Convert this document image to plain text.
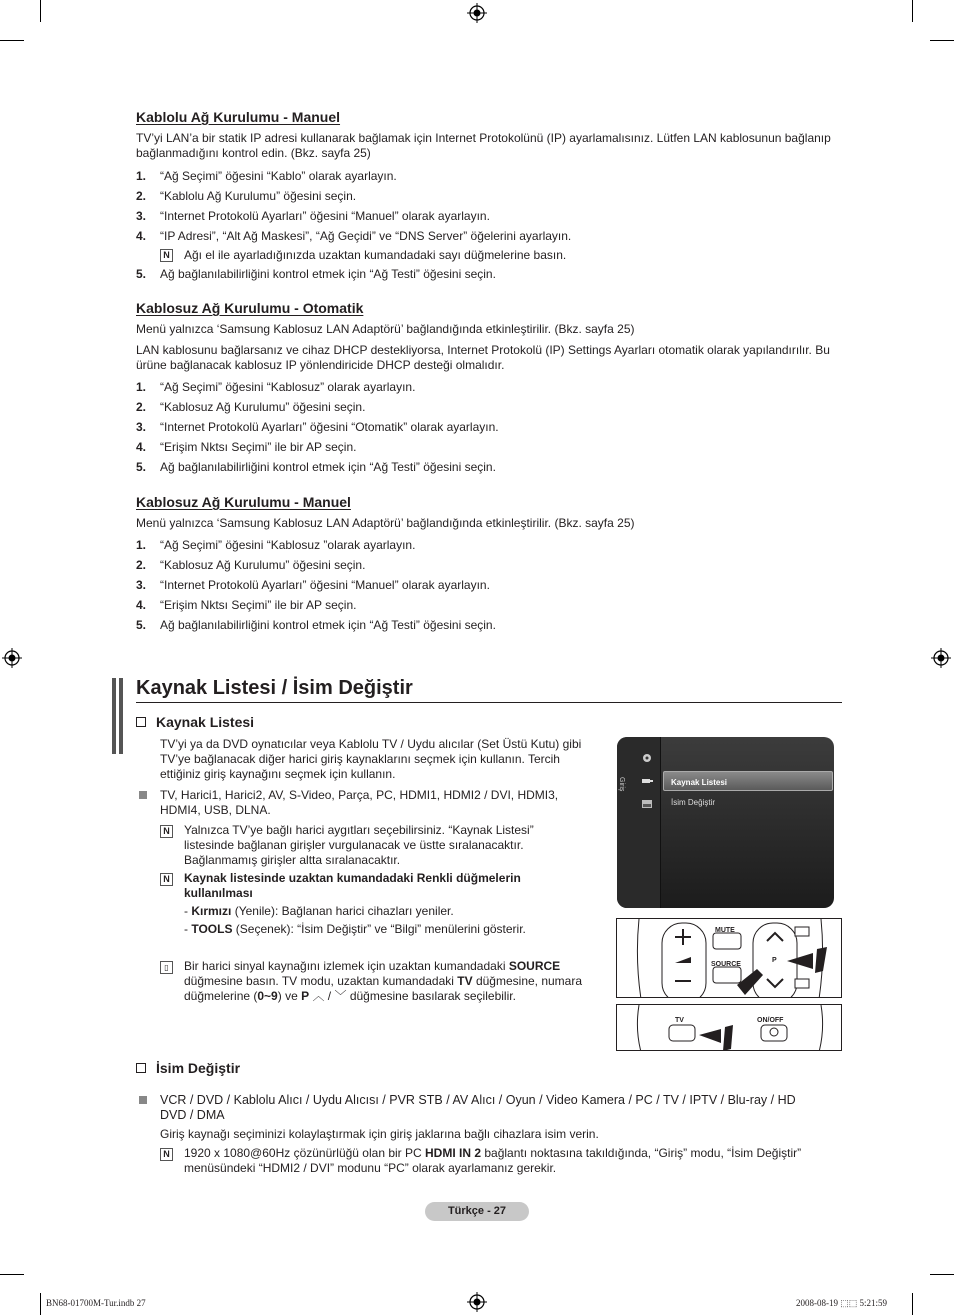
Kablolu Ağ Kurulumu - Manuel
TV’yi LAN’a bir statik IP adresi kullanarak bağlamak için Internet Protokolünü (IP) ayarlamalısınız. Lütfen LAN kablosunun bağlanıp bağlanmadığını kontrol edin. (Bkz. sayfa 25)
1. “Ağ Seçimi” öğesini “Kablo” olarak ayarlayın.
2. “Kablolu Ağ Kurulumu” öğesini seçin.
3. “Internet Protokolü Ayarları” öğesini “Manuel” olarak ayarlayın.
4. “IP Adresi”, “Alt Ağ Maskesi”, “Ağ Geçidi” ve “DNS Server” öğelerini ayarlayın.
N Ağı el ile ayarladığınızda uzaktan kumandadaki sayı düğmelerine basın.
5. Ağ bağlanılabilirliğini kontrol etmek için “Ağ Testi” öğesini seçin.
Kablosuz Ağ Kurulumu - Otomatik
Menü yalnızca ‘Samsung Kablosuz LAN Adaptörü’ bağlandığında etkinleştirilir. (Bkz. sayfa 25)
LAN kablosunu bağlarsanız ve cihaz DHCP destekliyorsa, Internet Protokolü (IP) Settings Ayarları otomatik olarak yapılandırılır. Bu ürüne bağlanacak kablosuz IP yönlendiricide DHCP desteği olmalıdır.
1. “Ağ Seçimi” öğesini “Kablosuz” olarak ayarlayın.
2. “Kablosuz Ağ Kurulumu” öğesini seçin.
3. “Internet Protokolü Ayarları” öğesini “Otomatik” olarak ayarlayın.
4. “Erişim Nktsı Seçimi” ile bir AP seçin.
5. Ağ bağlanılabilirliğini kontrol etmek için “Ağ Testi” öğesini seçin.
Kablosuz Ağ Kurulumu - Manuel
Menü yalnızca ‘Samsung Kablosuz LAN Adaptörü’ bağlandığında etkinleştirilir. (Bkz. sayfa 25)
1. “Ağ Seçimi” öğesini “Kablosuz ”olarak ayarlayın.
2. “Kablosuz Ağ Kurulumu” öğesini seçin.
3. “Internet Protokolü Ayarları” öğesini “Manuel” olarak ayarlayın.
4. “Erişim Nktsı Seçimi” ile bir AP seçin.
5. Ağ bağlanılabilirliğini kontrol etmek için “Ağ Testi” öğesini seçin.
Kaynak Listesi / İsim Değiştir
Kaynak Listesi
TV’yi ya da DVD oynatıcılar veya Kablolu TV / Uydu alıcılar (Set Üstü Kutu) gibi
TV’ye bağlanacak diğer harici giriş kaynaklarını seçmek için kullanın. Tercih
ettiğiniz giriş kaynağını seçmek için kullanın.
TV, Harici1, Harici2, AV, S-Video, Parça, PC, HDMI1, HDMI2 / DVI, HDMI3,
HDMI4, USB, DLNA.
N Yalnızca TV’ye bağlı harici aygıtları seçebilirsiniz. “Kaynak Listesi”
listesinde bağlanan girişler vurgulanacak ve üstte sıralanacaktır.
Bağlanmamış girişler altta sıralanacaktır.
N Kaynak listesinde uzaktan kumandadaki Renkli düğmelerin
kullanılması
- Kırmızı (Yenile): Bağlanan harici cihazları yeniler.
- TOOLS (Seçenek): “İsim Değiştir” ve “Bilgi” menülerini gösterir.
▯	Bir harici sinyal kaynağını izlemek için uzaktan kumandadaki SOURCE
düğmesine basın. TV modu, uzaktan kumandadaki TV düğmesine, numara
düğmelerine (0~9) ve P ︿ / ﹀ düğmesine basılarak seçilebilir.
Giriş	Kaynak Listesi
İsim Değiştir
MUTE
SOURCE
P
TV	ON/OFF
İsim Değiştir
VCR / DVD / Kablolu Alıcı / Uydu Alıcısı / PVR STB / AV Alıcı / Oyun / Video Kamera / PC / TV / IPTV / Blu-ray / HD
DVD / DMA
Giriş kaynağı seçiminizi kolaylaştırmak için giriş jaklarına bağlı cihazlara isim verin.
N 1920 x 1080@60Hz çözünürlüğü olan bir PC HDMI IN 2 bağlantı noktasına takıldığında, “Giriş” modu, “İsim Değiştir”
menüsündeki “HDMI2 / DVI” modunu “PC” olarak ayarlamanız gerekir.
Türkçe - 27
BN68-01700M-Tur.indb 27	2008-08-19 ⬚⬚ 5:21:59
